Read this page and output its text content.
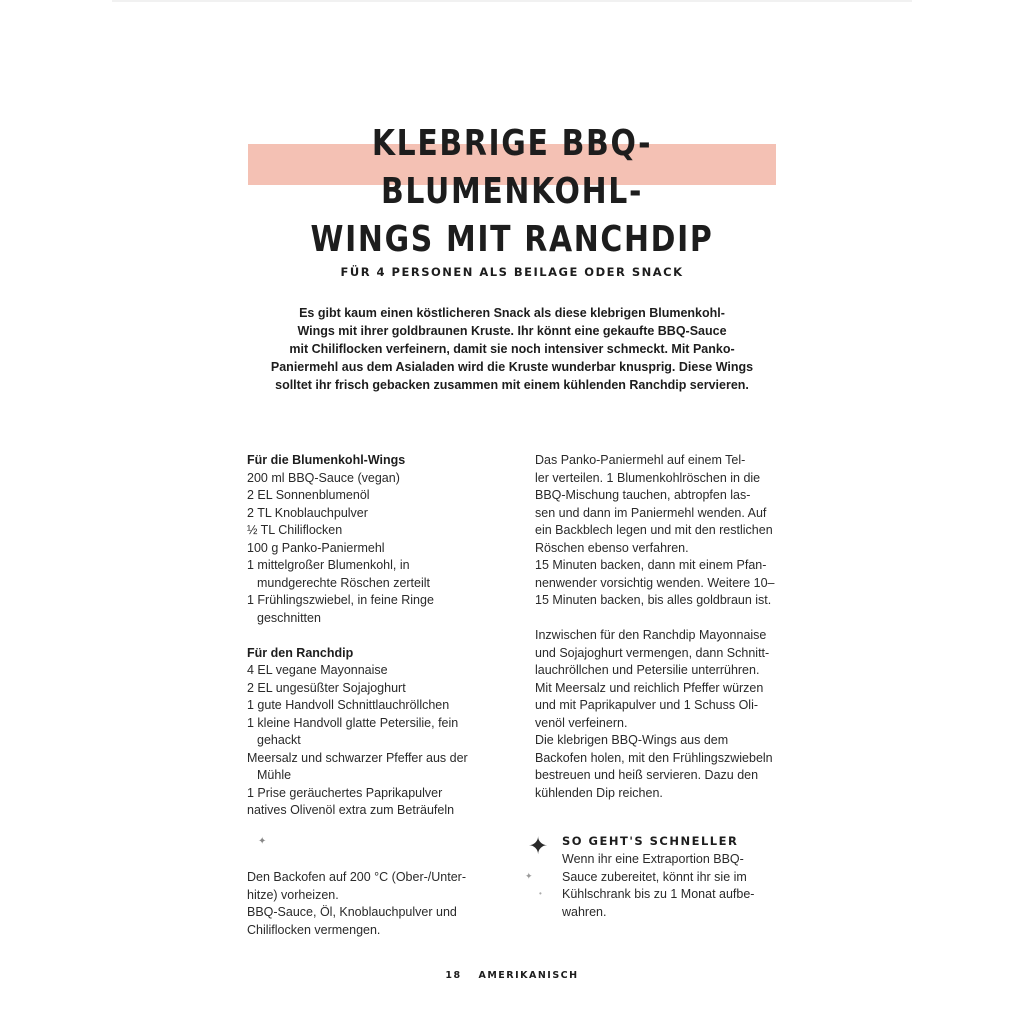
KLEBRIGE BBQ-BLUMENKOHL-
WINGS MIT RANCHDIP
FÜR 4 PERSONEN ALS BEILAGE ODER SNACK
Es gibt kaum einen köstlicheren Snack als diese klebrigen Blumenkohl-
Wings mit ihrer goldbraunen Kruste. Ihr könnt eine gekaufte BBQ-Sauce
mit Chiliflocken verfeinern, damit sie noch intensiver schmeckt. Mit Panko-
Paniermehl aus dem Asialaden wird die Kruste wunderbar knusprig. Diese Wings
solltet ihr frisch gebacken zusammen mit einem kühlenden Ranchdip servieren.
Für die Blumenkohl-Wings
200 ml BBQ-Sauce (vegan)
2 EL Sonnenblumenöl
2 TL Knoblauchpulver
½ TL Chiliflocken
100 g Panko-Paniermehl
1 mittelgroßer Blumenkohl, in
mundgerechte Röschen zerteilt
1 Frühlingszwiebel, in feine Ringe
geschnitten
Für den Ranchdip
4 EL vegane Mayonnaise
2 EL ungesüßter Sojajoghurt
1 gute Handvoll Schnittlauchröllchen
1 kleine Handvoll glatte Petersilie, fein
gehackt
Meersalz und schwarzer Pfeffer aus der
Mühle
1 Prise geräuchertes Paprikapulver
natives Olivenöl extra zum Beträufeln
✦
Den Backofen auf 200 °C (Ober-/Unter-
hitze) vorheizen.
BBQ-Sauce, Öl, Knoblauchpulver und
Chiliflocken vermengen.
Das Panko-Paniermehl auf einem Tel-
ler verteilen. 1 Blumenkohlröschen in die
BBQ-Mischung tauchen, abtropfen las-
sen und dann im Paniermehl wenden. Auf
ein Backblech legen und mit den restlichen
Röschen ebenso verfahren.
15 Minuten backen, dann mit einem Pfan-
nenwender vorsichtig wenden. Weitere 10–
15 Minuten backen, bis alles goldbraun ist.
Inzwischen für den Ranchdip Mayonnaise
und Sojajoghurt vermengen, dann Schnitt-
lauchröllchen und Petersilie unterrühren.
Mit Meersalz und reichlich Pfeffer würzen
und mit Paprikapulver und 1 Schuss Oli-
venöl verfeinern.
Die klebrigen BBQ-Wings aus dem
Backofen holen, mit den Frühlingszwiebeln
bestreuen und heiß servieren. Dazu den
kühlenden Dip reichen.
✦
✦
•
SO GEHT'S SCHNELLER
Wenn ihr eine Extraportion BBQ-
Sauce zubereitet, könnt ihr sie im
Kühlschrank bis zu 1 Monat aufbe-
wahren.
18 AMERIKANISCH
